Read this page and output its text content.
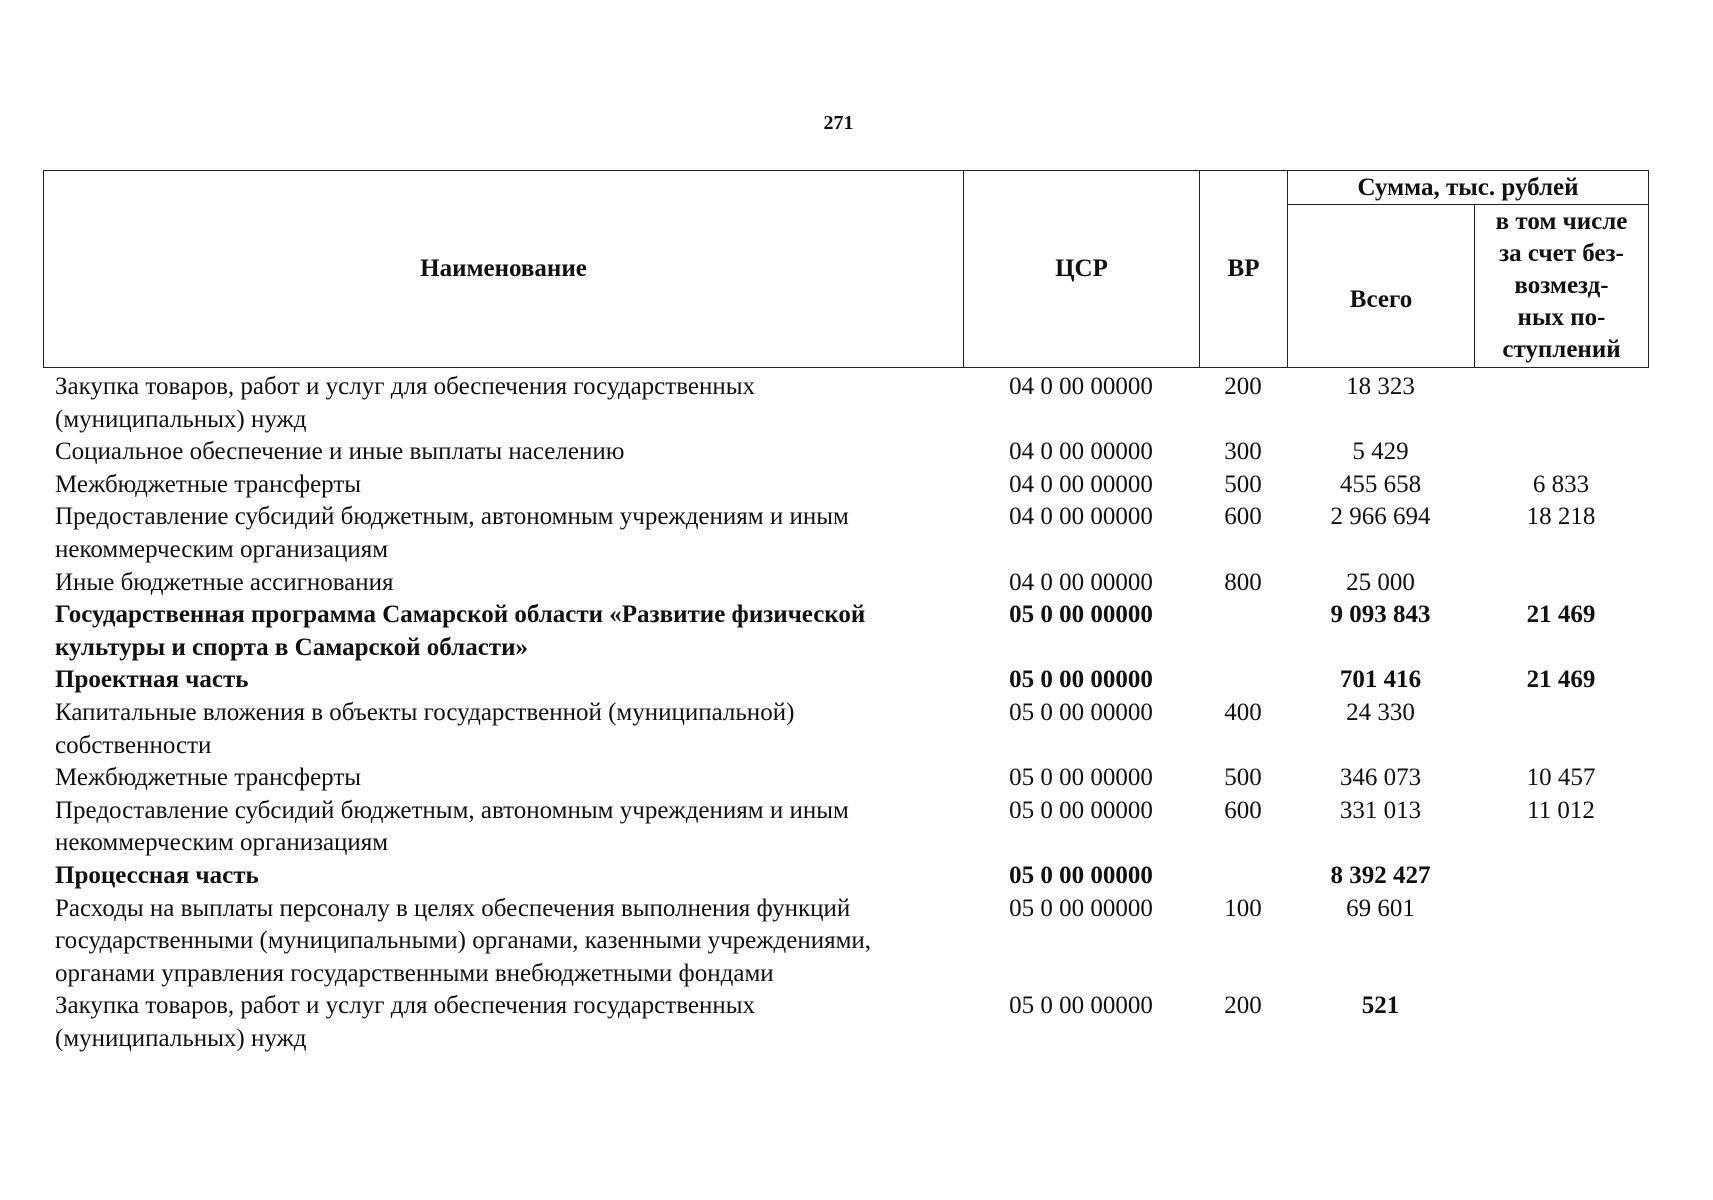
271
Наименование	ЦСР	ВР	Сумма, тыс. рублей	
			Всего	в том числе
за счет без-
возмезд-
ных по-
ступлений
Закупка товаров, работ и услуг для обеспечения государственных (муниципальных) нужд	04 0 00 00000	200	18 323	
Социальное обеспечение и иные выплаты населению	04 0 00 00000	300	5 429	
Межбюджетные трансферты	04 0 00 00000	500	455 658	6 833
Предоставление субсидий бюджетным, автономным учреждениям и иным некоммерческим организациям	04 0 00 00000	600	2 966 694	18 218
Иные бюджетные ассигнования	04 0 00 00000	800	25 000	
Государственная программа Самарской области «Развитие физической культуры и спорта в Самарской области»	05 0 00 00000		9 093 843	21 469
Проектная часть	05 0 00 00000		701 416	21 469
Капитальные вложения в объекты государственной (муниципальной) собственности	05 0 00 00000	400	24 330	
Межбюджетные трансферты	05 0 00 00000	500	346 073	10 457
Предоставление субсидий бюджетным, автономным учреждениям и иным некоммерческим организациям	05 0 00 00000	600	331 013	11 012
Процессная часть	05 0 00 00000		8 392 427	
Расходы на выплаты персоналу в целях обеспечения выполнения функций государственными (муниципальными) органами, казенными учреждениями, органами управления государственными внебюджетными фондами	05 0 00 00000	100	69 601	
Закупка товаров, работ и услуг для обеспечения государственных (муниципальных) нужд	05 0 00 00000	200	521	
